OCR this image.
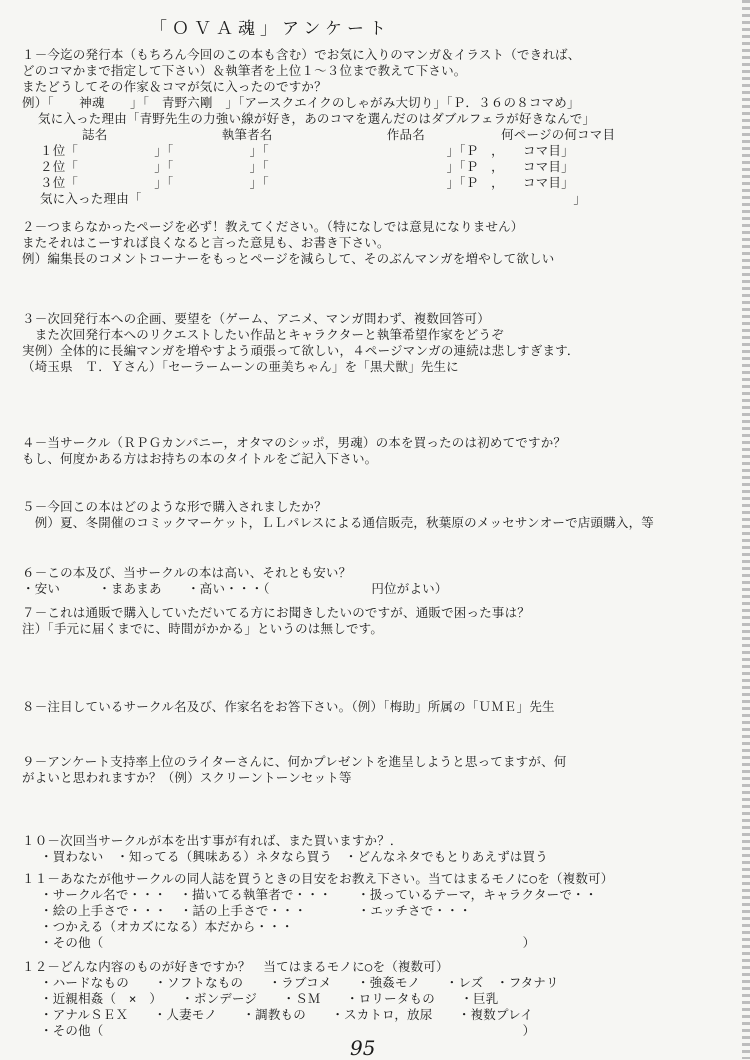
「ＯＶＡ魂」アンケート
１－今迄の発行本（もちろん今回のこの本も含む）でお気に入りのマンガ＆イラスト（できれば、
どのコマかまで指定して下さい）＆執筆者を上位１～３位まで教えて下さい。
またどうしてその作家＆コマが気に入ったのですか？
例）「　　神魂　　」「　青野六剛　」「アースクエイクのしゃがみ大切り」「Ｐ．３６の８コマめ」
気に入った理由「青野先生の力強い線が好き，あのコマを選んだのはダブルフェラが好きなんで」
誌名　　　　　　　　　執筆者名　　　　　　　　　作品名　　　　　　何ページの何コマ目
１位「　　　　　　」「　　　　　　」「　　　　　　　　　　　　　　」「Ｐ　，　　コマ目」
２位「　　　　　　」「　　　　　　」「　　　　　　　　　　　　　　」「Ｐ　，　　コマ目」
３位「　　　　　　」「　　　　　　」「　　　　　　　　　　　　　　」「Ｐ　，　　コマ目」
気に入った理由「　　　　　　　　　　　　　　　　　　　　　　　　　　　　　　　　　　」
２－つまらなかったページを必ず！教えてください。（特になしでは意見になりません）
またそれはこーすれば良くなると言った意見も、お書き下さい。
例）編集長のコメントコーナーをもっとページを減らして、そのぶんマンガを増やして欲しい
３－次回発行本への企画、要望を（ゲーム、アニメ、マンガ問わず、複数回答可）
　また次回発行本へのリクエストしたい作品とキャラクターと執筆希望作家をどうぞ
実例）全体的に長編マンガを増やすよう頑張って欲しい，４ページマンガの連続は悲しすぎます．
（埼玉県　Ｔ．Ｙさん）「セーラームーンの亜美ちゃん」を「黒犬獣」先生に
４－当サークル（ＲＰＧカンパニー，オタマのシッポ，男魂）の本を買ったのは初めてですか？
もし、何度かある方はお持ちの本のタイトルをご記入下さい。
５－今回この本はどのような形で購入されましたか？
　例）夏、冬開催のコミックマーケット，ＬＬパレスによる通信販売，秋葉原のメッセサンオーで店頭購入，等
６－この本及び、当サークルの本は高い、それとも安い？
・安い　　　・まあまあ　　・高い・・・（　　　　　　　　円位がよい）
７－これは通販で購入していただいてる方にお聞きしたいのですが、通販で困った事は？
注）「手元に届くまでに、時間がかかる」というのは無しです。
８－注目しているサークル名及び、作家名をお答下さい。（例）「梅助」所属の「ＵＭＥ」先生
９－アンケート支持率上位のライターさんに、何かプレゼントを進呈しようと思ってますが、何
がよいと思われますか？（例）スクリーントーンセット等
１０－次回当サークルが本を出す事が有れば、また買いますか？．
・買わない　・知ってる（興味ある）ネタなら買う　・どんなネタでもとりあえずは買う
１１－あなたが他サークルの同人誌を買うときの目安をお教え下さい。当てはまるモノに○を（複数可）
・サークル名で・・・　・描いてる執筆者で・・・　　・扱っているテーマ，キャラクターで・・
・絵の上手さで・・・　・話の上手さで・・・　　　　・エッチさで・・・
・つかえる（オカズになる）本だから・・・
・その他（　　　　　　　　　　　　　　　　　　　　　　　　　　　　　　　　　）
１２－どんな内容のものが好きですか？　当てはまるモノに○を（複数可）
・ハードなもの　　・ソフトなもの　　・ラブコメ　　・強姦モノ　　・レズ　・フタナリ
・近親相姦（　×　）　　・ボンデージ　　・ＳＭ　　・ロリータもの　　・巨乳
・アナルＳＥＸ　　・人妻モノ　　・調教もの　　・スカトロ，放尿　　・複数プレイ
・その他（　　　　　　　　　　　　　　　　　　　　　　　　　　　　　　　　　）
95
